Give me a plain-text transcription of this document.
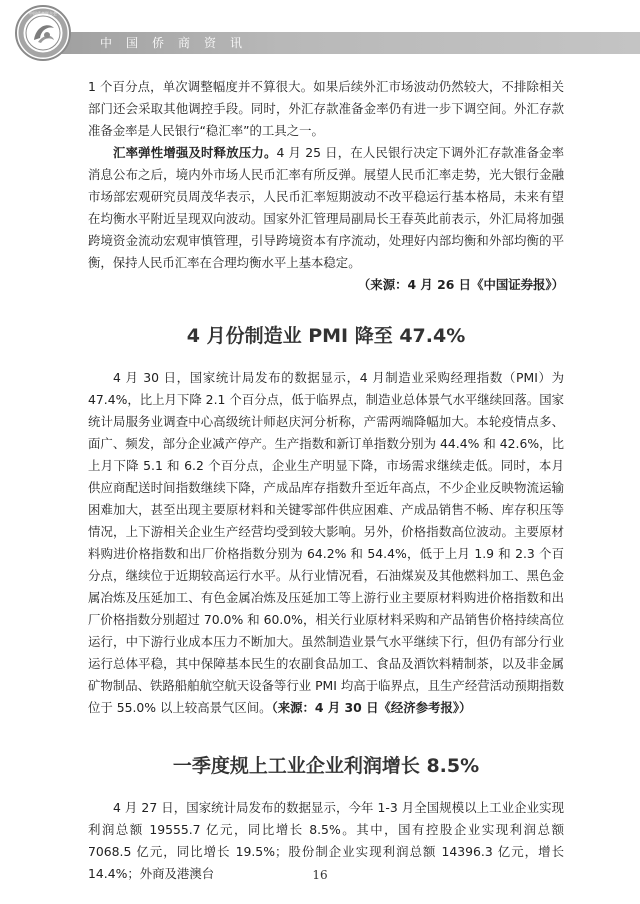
中国侨商资讯
中国侨商联合会

1 个百分点，单次调整幅度并不算很大。如果后续外汇市场波动仍然较大，不排除相关部门还会采取其他调控手段。同时，外汇存款准备金率仍有进一步下调空间。外汇存款准备金率是人民银行“稳汇率”的工具之一。

汇率弹性增强及时释放压力。4 月 25 日，在人民银行决定下调外汇存款准备金率消息公布之后，境内外市场人民币汇率有所反弹。展望人民币汇率走势，光大银行金融市场部宏观研究员周茂华表示，人民币汇率短期波动不改平稳运行基本格局，未来有望在均衡水平附近呈现双向波动。国家外汇管理局副局长王春英此前表示，外汇局将加强跨境资金流动宏观审慎管理，引导跨境资本有序流动，处理好内部均衡和外部均衡的平衡，保持人民币汇率在合理均衡水平上基本稳定。

（来源：4 月 26 日《中国证券报》）

4 月份制造业 PMI 降至 47.4%

4 月 30 日，国家统计局发布的数据显示，4 月制造业采购经理指数（PMI）为 47.4%，比上月下降 2.1 个百分点，低于临界点，制造业总体景气水平继续回落。国家统计局服务业调查中心高级统计师赵庆河分析称，产需两端降幅加大。本轮疫情点多、面广、频发，部分企业减产停产。生产指数和新订单指数分别为 44.4% 和 42.6%，比上月下降 5.1 和 6.2 个百分点，企业生产明显下降，市场需求继续走低。同时，本月供应商配送时间指数继续下降，产成品库存指数升至近年高点，不少企业反映物流运输困难加大，甚至出现主要原材料和关键零部件供应困难、产成品销售不畅、库存积压等情况，上下游相关企业生产经营均受到较大影响。另外，价格指数高位波动。主要原材料购进价格指数和出厂价格指数分别为 64.2% 和 54.4%，低于上月 1.9 和 2.3 个百分点，继续位于近期较高运行水平。从行业情况看，石油煤炭及其他燃料加工、黑色金属冶炼及压延加工、有色金属冶炼及压延加工等上游行业主要原材料购进价格指数和出厂价格指数分别超过 70.0% 和 60.0%，相关行业原材料采购和产品销售价格持续高位运行，中下游行业成本压力不断加大。虽然制造业景气水平继续下行，但仍有部分行业运行总体平稳，其中保障基本民生的农副食品加工、食品及酒饮料精制茶，以及非金属矿物制品、铁路船舶航空航天设备等行业 PMI 均高于临界点，且生产经营活动预期指数位于 55.0% 以上较高景气区间。（来源：4 月 30 日《经济参考报》）

一季度规上工业企业利润增长 8.5%

4 月 27 日，国家统计局发布的数据显示，今年 1-3 月全国规模以上工业企业实现利润总额 19555.7 亿元，同比增长 8.5%。其中，国有控股企业实现利润总额 7068.5 亿元，同比增长 19.5%；股份制企业实现利润总额 14396.3 亿元，增长 14.4%；外商及港澳台	16
